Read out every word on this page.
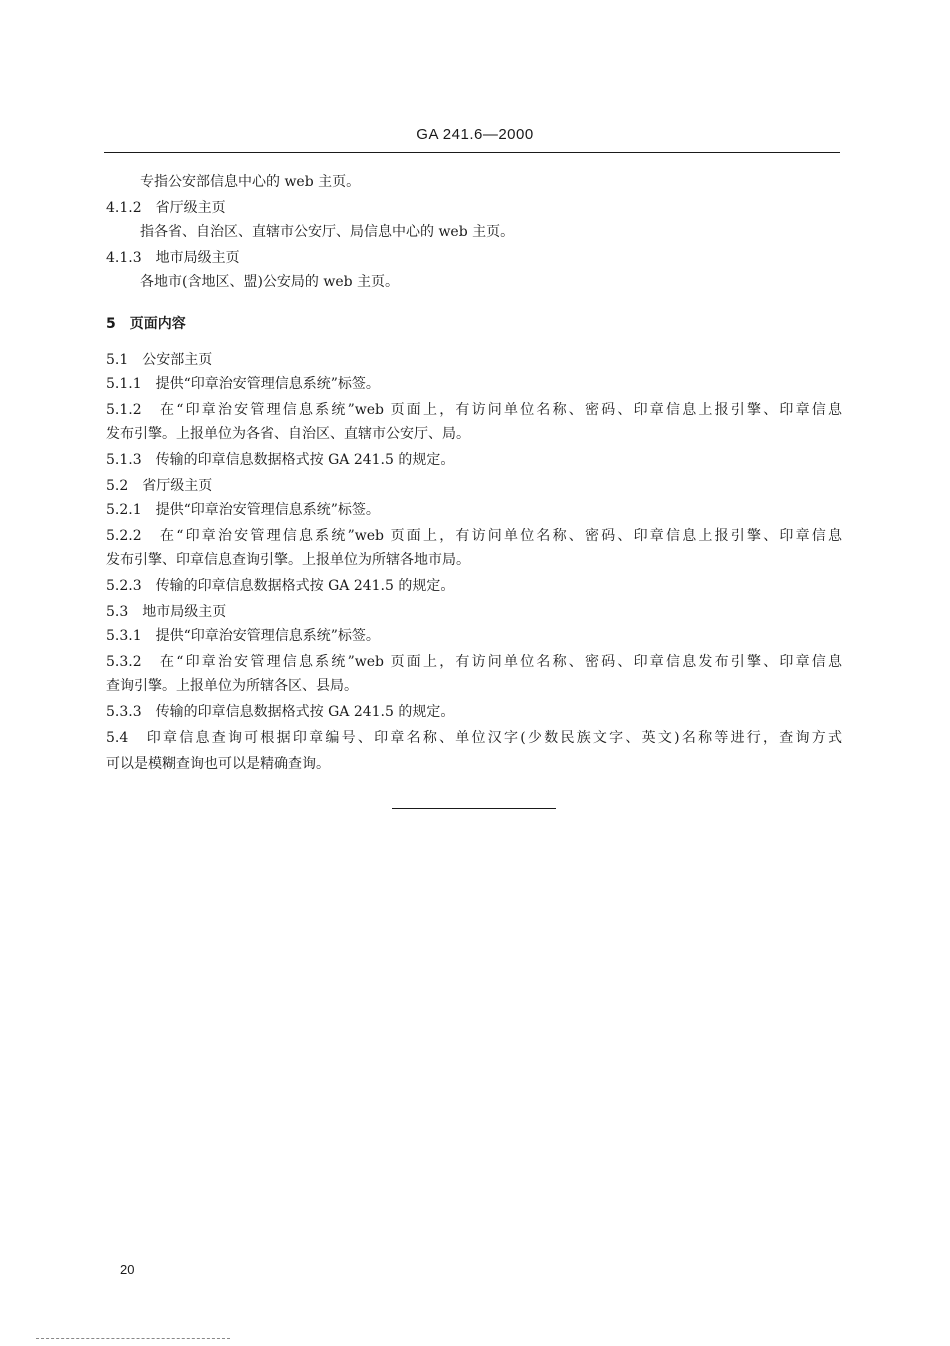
GA 241.6—2000
专指公安部信息中心的 web 主页。
4.1.2　省厅级主页
指各省、自治区、直辖市公安厅、局信息中心的 web 主页。
4.1.3　地市局级主页
各地市(含地区、盟)公安局的 web 主页。
5　页面内容
5.1　公安部主页
5.1.1　提供“印章治安管理信息系统”标签。
5.1.2　在“印章治安管理信息系统”web 页面上，有访问单位名称、密码、印章信息上报引擎、印章信息
发布引擎。上报单位为各省、自治区、直辖市公安厅、局。
5.1.3　传输的印章信息数据格式按 GA 241.5 的规定。
5.2　省厅级主页
5.2.1　提供“印章治安管理信息系统”标签。
5.2.2　在“印章治安管理信息系统”web 页面上，有访问单位名称、密码、印章信息上报引擎、印章信息
发布引擎、印章信息查询引擎。上报单位为所辖各地市局。
5.2.3　传输的印章信息数据格式按 GA 241.5 的规定。
5.3　地市局级主页
5.3.1　提供“印章治安管理信息系统”标签。
5.3.2　在“印章治安管理信息系统”web 页面上，有访问单位名称、密码、印章信息发布引擎、印章信息
查询引擎。上报单位为所辖各区、县局。
5.3.3　传输的印章信息数据格式按 GA 241.5 的规定。
5.4　印章信息查询可根据印章编号、印章名称、单位汉字(少数民族文字、英文)名称等进行，查询方式
可以是模糊查询也可以是精确查询。
20
